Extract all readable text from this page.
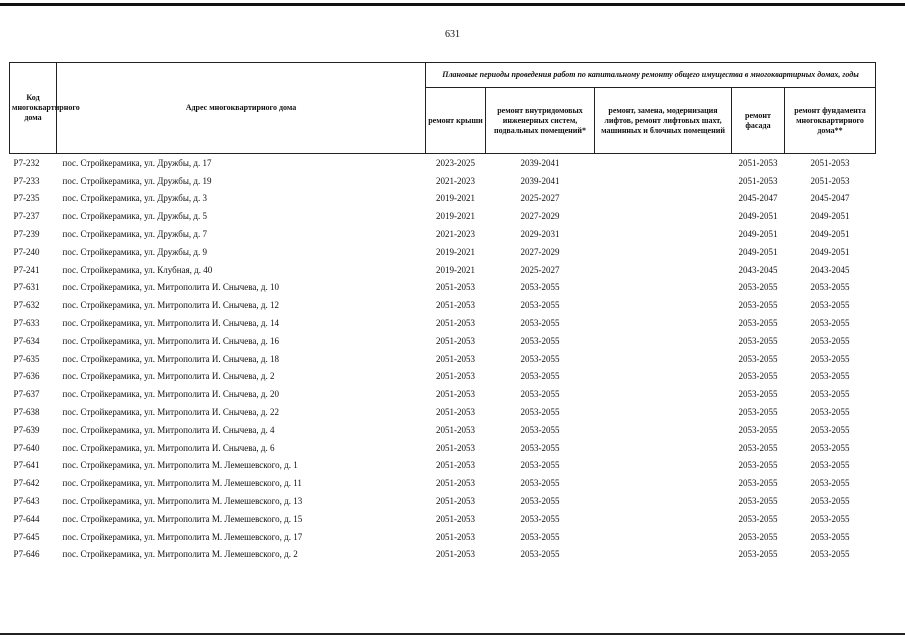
631
Код многоквартирного дома	Адрес многоквартирного дома	Плановые периоды проведения работ по капитальному ремонту общего имущества в многоквартирных домах, годы				
		ремонт крыши	ремонт внутридомовых инженерных систем, подвальных помещений*	ремонт, замена, модернизация лифтов, ремонт лифтовых шахт, машинных и блочных помещений	ремонт фасада	ремонт фундамента многоквартирного дома**
Р7-232	пос. Стройкерамика, ул. Дружбы, д. 17	2023-2025	2039-2041		2051-2053	2051-2053
Р7-233	пос. Стройкерамика, ул. Дружбы, д. 19	2021-2023	2039-2041		2051-2053	2051-2053
Р7-235	пос. Стройкерамика, ул. Дружбы, д. 3	2019-2021	2025-2027		2045-2047	2045-2047
Р7-237	пос. Стройкерамика, ул. Дружбы, д. 5	2019-2021	2027-2029		2049-2051	2049-2051
Р7-239	пос. Стройкерамика, ул. Дружбы, д. 7	2021-2023	2029-2031		2049-2051	2049-2051
Р7-240	пос. Стройкерамика, ул. Дружбы, д. 9	2019-2021	2027-2029		2049-2051	2049-2051
Р7-241	пос. Стройкерамика, ул. Клубная, д. 40	2019-2021	2025-2027		2043-2045	2043-2045
Р7-631	пос. Стройкерамика, ул. Митрополита И. Снычева, д. 10	2051-2053	2053-2055		2053-2055	2053-2055
Р7-632	пос. Стройкерамика, ул. Митрополита И. Снычева, д. 12	2051-2053	2053-2055		2053-2055	2053-2055
Р7-633	пос. Стройкерамика, ул. Митрополита И. Снычева, д. 14	2051-2053	2053-2055		2053-2055	2053-2055
Р7-634	пос. Стройкерамика, ул. Митрополита И. Снычева, д. 16	2051-2053	2053-2055		2053-2055	2053-2055
Р7-635	пос. Стройкерамика, ул. Митрополита И. Снычева, д. 18	2051-2053	2053-2055		2053-2055	2053-2055
Р7-636	пос. Стройкерамика, ул. Митрополита И. Снычева, д. 2	2051-2053	2053-2055		2053-2055	2053-2055
Р7-637	пос. Стройкерамика, ул. Митрополита И. Снычева, д. 20	2051-2053	2053-2055		2053-2055	2053-2055
Р7-638	пос. Стройкерамика, ул. Митрополита И. Снычева, д. 22	2051-2053	2053-2055		2053-2055	2053-2055
Р7-639	пос. Стройкерамика, ул. Митрополита И. Снычева, д. 4	2051-2053	2053-2055		2053-2055	2053-2055
Р7-640	пос. Стройкерамика, ул. Митрополита И. Снычева, д. 6	2051-2053	2053-2055		2053-2055	2053-2055
Р7-641	пос. Стройкерамика, ул. Митрополита М. Лемешевского, д. 1	2051-2053	2053-2055		2053-2055	2053-2055
Р7-642	пос. Стройкерамика, ул. Митрополита М. Лемешевского, д. 11	2051-2053	2053-2055		2053-2055	2053-2055
Р7-643	пос. Стройкерамика, ул. Митрополита М. Лемешевского, д. 13	2051-2053	2053-2055		2053-2055	2053-2055
Р7-644	пос. Стройкерамика, ул. Митрополита М. Лемешевского, д. 15	2051-2053	2053-2055		2053-2055	2053-2055
Р7-645	пос. Стройкерамика, ул. Митрополита М. Лемешевского, д. 17	2051-2053	2053-2055		2053-2055	2053-2055
Р7-646	пос. Стройкерамика, ул. Митрополита М. Лемешевского, д. 2	2051-2053	2053-2055		2053-2055	2053-2055
